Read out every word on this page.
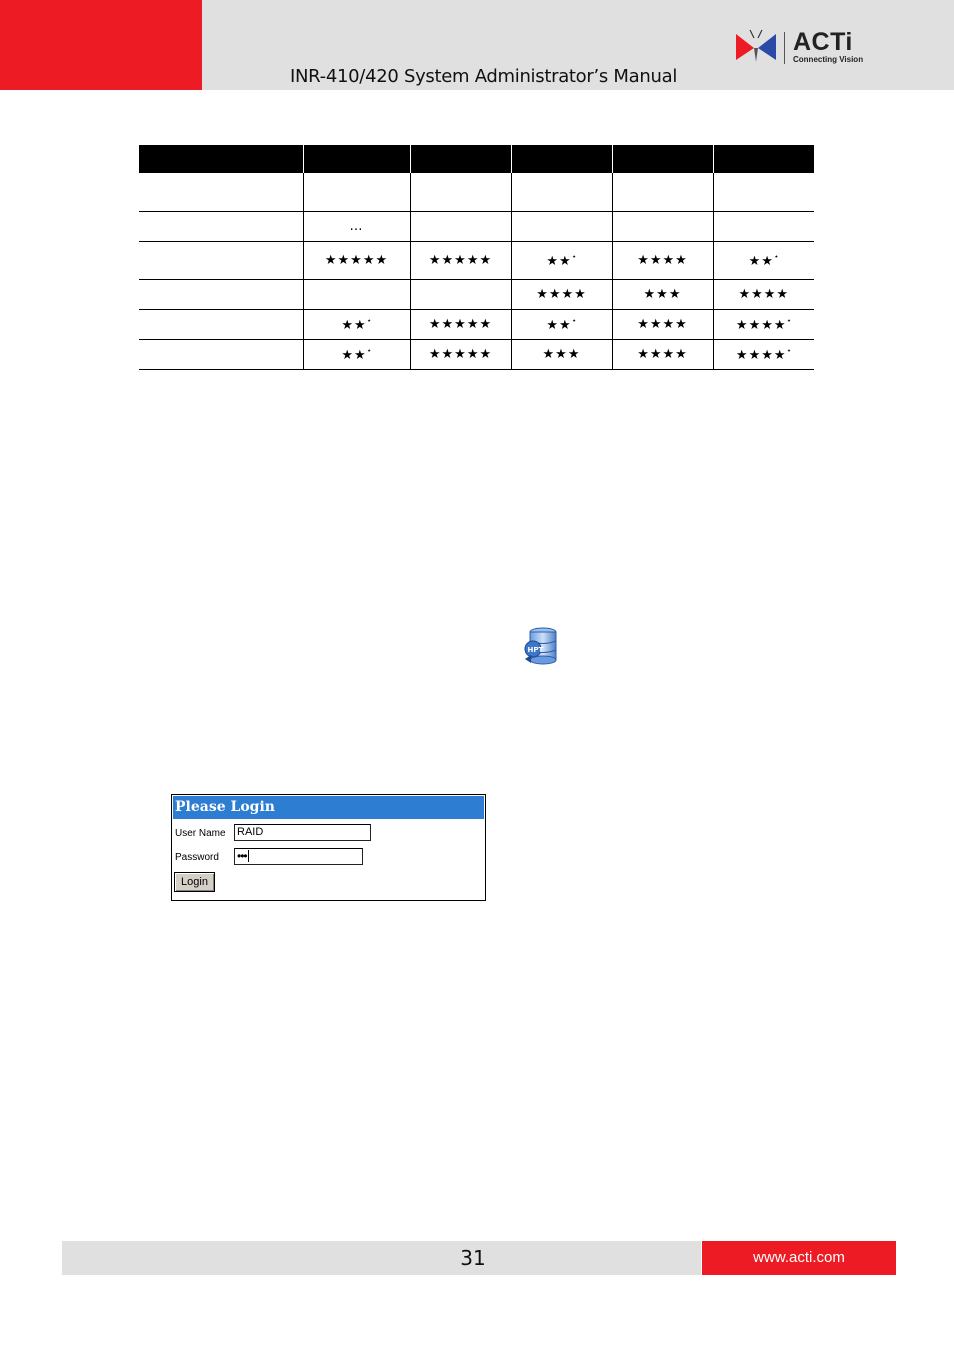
INR-410/420 System Administrator’s Manual
ACTi
Connecting Vision

	…				
	★★★★★	★★★★★	★★⋆	★★★★	★★⋆
			★★★★	★★★	★★★★
	★★⋆	★★★★★	★★⋆	★★★★	★★★★⋆
	★★⋆	★★★★★	★★★	★★★★	★★★★⋆
HPT
Please Login
User Name RAID
Password •••
Login
31	www.acti.com
